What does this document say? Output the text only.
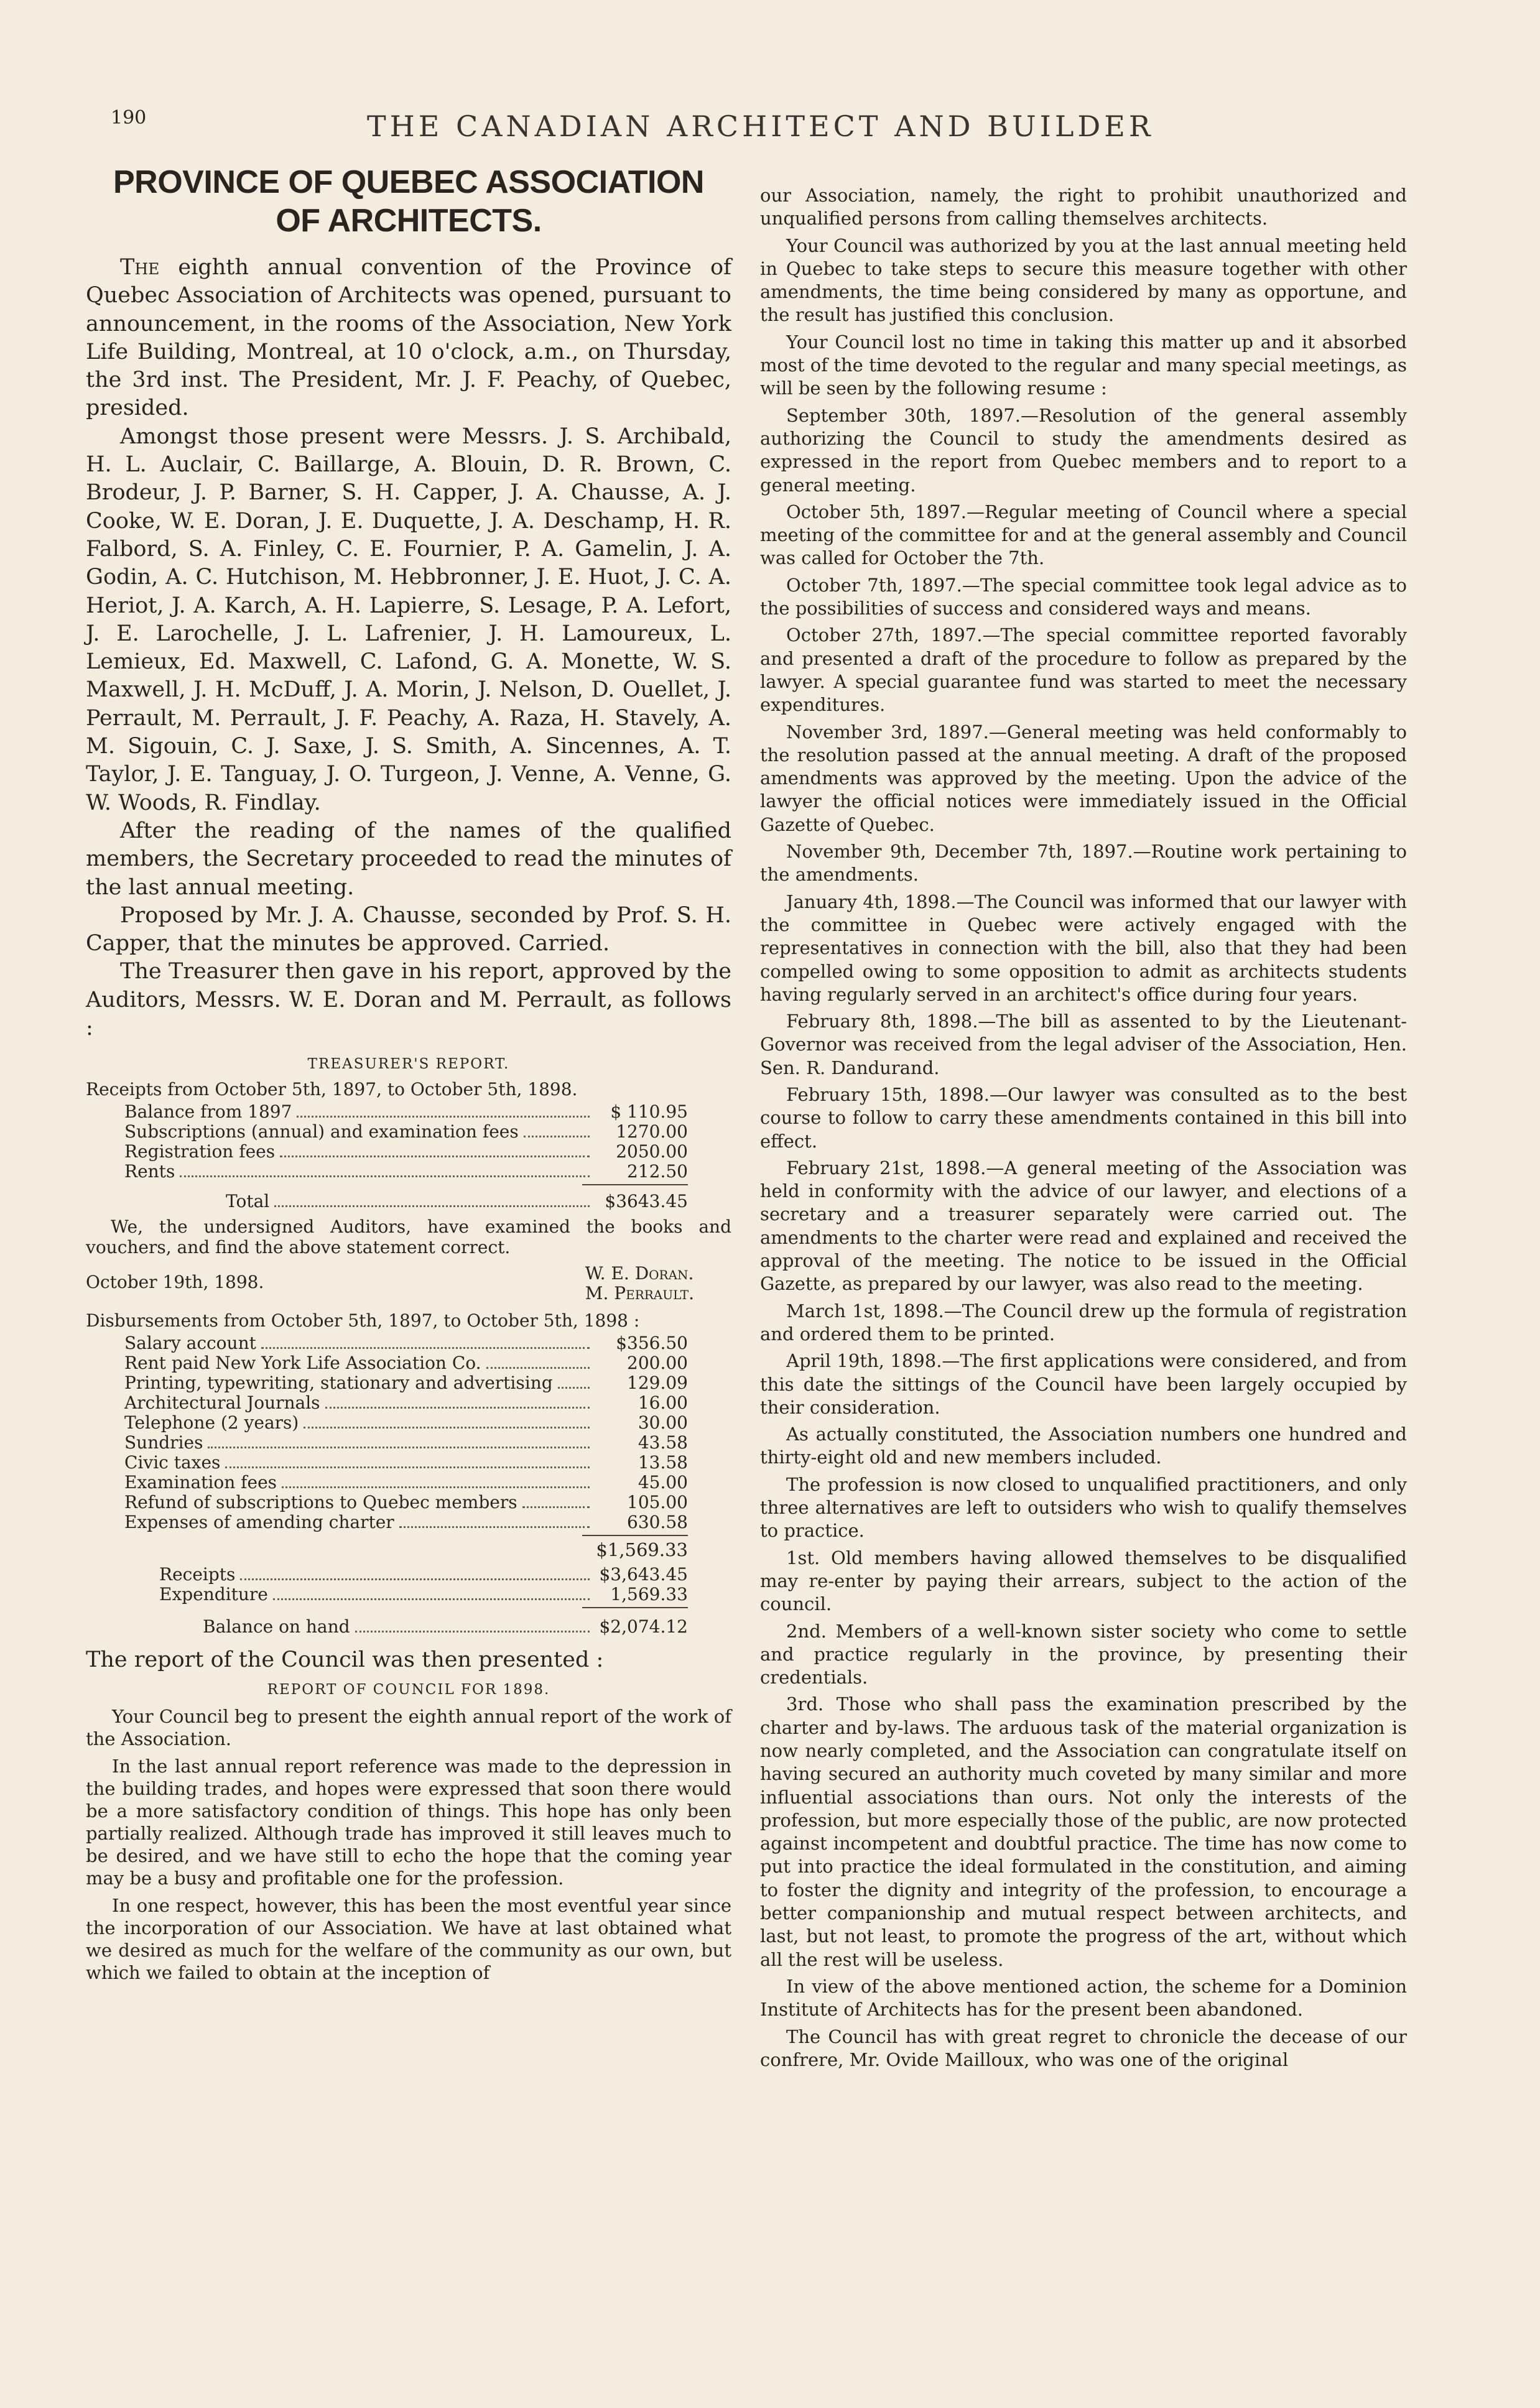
190	THE CANADIAN ARCHITECT AND BUILDER
PROVINCE OF QUEBEC ASSOCIATION
OF ARCHITECTS.

The eighth annual convention of the Province of Quebec Association of Architects was opened, pursuant to announcement, in the rooms of the Association, New York Life Building, Montreal, at 10 o'clock, a.m., on Thursday, the 3rd inst. The President, Mr. J. F. Peachy, of Quebec, presided.

Amongst those present were Messrs. J. S. Archibald, H. L. Auclair, C. Baillarge, A. Blouin, D. R. Brown, C. Brodeur, J. P. Barner, S. H. Capper, J. A. Chausse, A. J. Cooke, W. E. Doran, J. E. Duquette, J. A. Deschamp, H. R. Falbord, S. A. Finley, C. E. Fournier, P. A. Gamelin, J. A. Godin, A. C. Hutchison, M. Hebbronner, J. E. Huot, J. C. A. Heriot, J. A. Karch, A. H. Lapierre, S. Lesage, P. A. Lefort, J. E. Larochelle, J. L. Lafrenier, J. H. Lamoureux, L. Lemieux, Ed. Maxwell, C. Lafond, G. A. Monette, W. S. Maxwell, J. H. McDuff, J. A. Morin, J. Nelson, D. Ouellet, J. Perrault, M. Perrault, J. F. Peachy, A. Raza, H. Stavely, A. M. Sigouin, C. J. Saxe, J. S. Smith, A. Sincennes, A. T. Taylor, J. E. Tanguay, J. O. Turgeon, J. Venne, A. Venne, G. W. Woods, R. Findlay.

After the reading of the names of the qualified members, the Secretary proceeded to read the minutes of the last annual meeting.

Proposed by Mr. J. A. Chausse, seconded by Prof. S. H. Capper, that the minutes be approved. Carried.

The Treasurer then gave in his report, approved by the Auditors, Messrs. W. E. Doran and M. Perrault, as follows :

TREASURER'S REPORT.
Receipts from October 5th, 1897, to October 5th, 1898.
Balance from 1897	$ 110.95
Subscriptions (annual) and examination fees	1270.00
Registration fees	2050.00
Rents	212.50
Total	$3643.45

We, the undersigned Auditors, have examined the books and vouchers, and find the above statement correct.

October 19th, 1898.	W. E. Doran.
M. Perrault.
Disbursements from October 5th, 1897, to October 5th, 1898 :
Salary account	$356.50
Rent paid New York Life Association Co.	200.00
Printing, typewriting, stationary and advertising	129.09
Architectural Journals	16.00
Telephone (2 years)	30.00
Sundries	43.58
Civic taxes	13.58
Examination fees	45.00
Refund of subscriptions to Quebec members	105.00
Expenses of amending charter	630.58
$1,569.33
Receipts	$3,643.45
Expenditure	1,569.33
Balance on hand	$2,074.12

The report of the Council was then presented :

REPORT OF COUNCIL FOR 1898.

Your Council beg to present the eighth annual report of the work of the Association.

In the last annual report reference was made to the depression in the building trades, and hopes were expressed that soon there would be a more satisfactory condition of things. This hope has only been partially realized. Although trade has improved it still leaves much to be desired, and we have still to echo the hope that the coming year may be a busy and profitable one for the profession.

In one respect, however, this has been the most eventful year since the incorporation of our Association. We have at last obtained what we desired as much for the welfare of the community as our own, but which we failed to obtain at the inception of

our Association, namely, the right to prohibit unauthorized and unqualified persons from calling themselves architects.

Your Council was authorized by you at the last annual meeting held in Quebec to take steps to secure this measure together with other amendments, the time being considered by many as opportune, and the result has justified this conclusion.

Your Council lost no time in taking this matter up and it absorbed most of the time devoted to the regular and many special meetings, as will be seen by the following resume :

September 30th, 1897.—Resolution of the general assembly authorizing the Council to study the amendments desired as expressed in the report from Quebec members and to report to a general meeting.

October 5th, 1897.—Regular meeting of Council where a special meeting of the committee for and at the general assembly and Council was called for October the 7th.

October 7th, 1897.—The special committee took legal advice as to the possibilities of success and considered ways and means.

October 27th, 1897.—The special committee reported favorably and presented a draft of the procedure to follow as prepared by the lawyer. A special guarantee fund was started to meet the necessary expenditures.

November 3rd, 1897.—General meeting was held conformably to the resolution passed at the annual meeting. A draft of the proposed amendments was approved by the meeting. Upon the advice of the lawyer the official notices were immediately issued in the Official Gazette of Quebec.

November 9th, December 7th, 1897.—Routine work pertaining to the amendments.

January 4th, 1898.—The Council was informed that our lawyer with the committee in Quebec were actively engaged with the representatives in connection with the bill, also that they had been compelled owing to some opposition to admit as architects students having regularly served in an architect's office during four years.

February 8th, 1898.—The bill as assented to by the Lieutenant-Governor was received from the legal adviser of the Association, Hen. Sen. R. Dandurand.

February 15th, 1898.—Our lawyer was consulted as to the best course to follow to carry these amendments contained in this bill into effect.

February 21st, 1898.—A general meeting of the Association was held in conformity with the advice of our lawyer, and elections of a secretary and a treasurer separately were carried out. The amendments to the charter were read and explained and received the approval of the meeting. The notice to be issued in the Official Gazette, as prepared by our lawyer, was also read to the meeting.

March 1st, 1898.—The Council drew up the formula of registration and ordered them to be printed.

April 19th, 1898.—The first applications were considered, and from this date the sittings of the Council have been largely occupied by their consideration.

As actually constituted, the Association numbers one hundred and thirty-eight old and new members included.

The profession is now closed to unqualified practitioners, and only three alternatives are left to outsiders who wish to qualify themselves to practice.

1st. Old members having allowed themselves to be disqualified may re-enter by paying their arrears, subject to the action of the council.

2nd. Members of a well-known sister society who come to settle and practice regularly in the province, by presenting their credentials.

3rd. Those who shall pass the examination prescribed by the charter and by-laws. The arduous task of the material organization is now nearly completed, and the Association can congratulate itself on having secured an authority much coveted by many similar and more influential associations than ours. Not only the interests of the profession, but more especially those of the public, are now protected against incompetent and doubtful practice. The time has now come to put into practice the ideal formulated in the constitution, and aiming to foster the dignity and integrity of the profession, to encourage a better companionship and mutual respect between architects, and last, but not least, to promote the progress of the art, without which all the rest will be useless.

In view of the above mentioned action, the scheme for a Dominion Institute of Architects has for the present been abandoned.

The Council has with great regret to chronicle the decease of our confrere, Mr. Ovide Mailloux, who was one of the original
